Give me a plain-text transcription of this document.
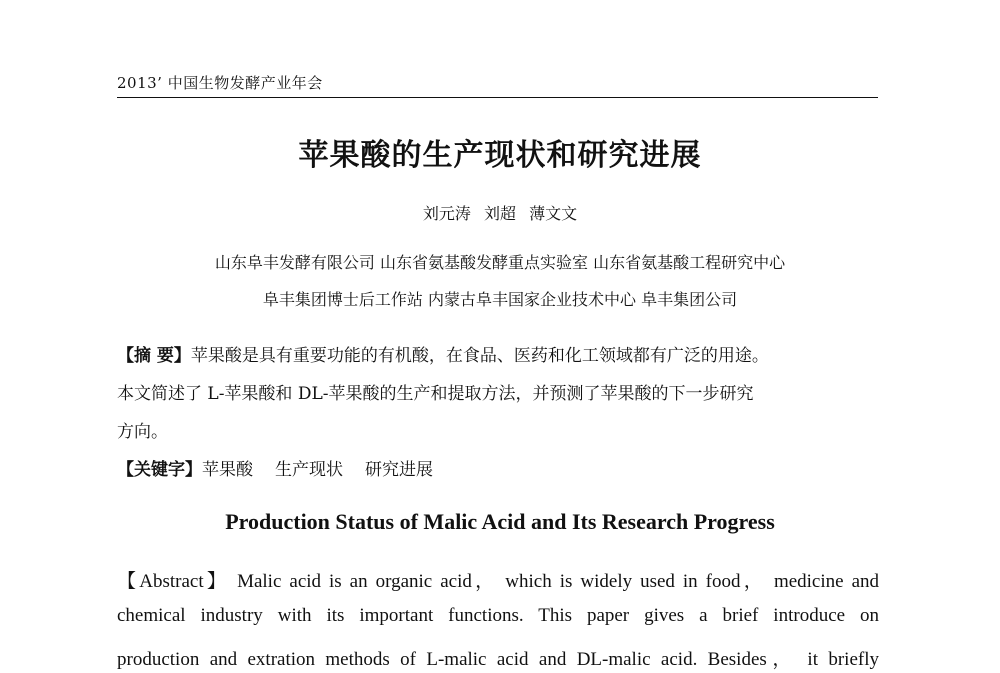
2013’ 中国生物发酵产业年会
苹果酸的生产现状和研究进展
刘元涛 刘超 薄文文
山东阜丰发酵有限公司 山东省氨基酸发酵重点实验室 山东省氨基酸工程研究中心
阜丰集团博士后工作站 内蒙古阜丰国家企业技术中心 阜丰集团公司
【摘 要】苹果酸是具有重要功能的有机酸，在食品、医药和化工领域都有广泛的用途。
本文简述了 L-苹果酸和 DL-苹果酸的生产和提取方法，并预测了苹果酸的下一步研究
方向。
【关键字】苹果酸 生产现状 研究进展
Production Status of Malic Acid and Its Research Progress
【Abstract】 Malic acid is an organic acid， which is widely used in food， medicine and
chemical industry with its important functions. This paper gives a brief introduce on
production and extration methods of L-malic acid and DL-malic acid. Besides， it briefly
